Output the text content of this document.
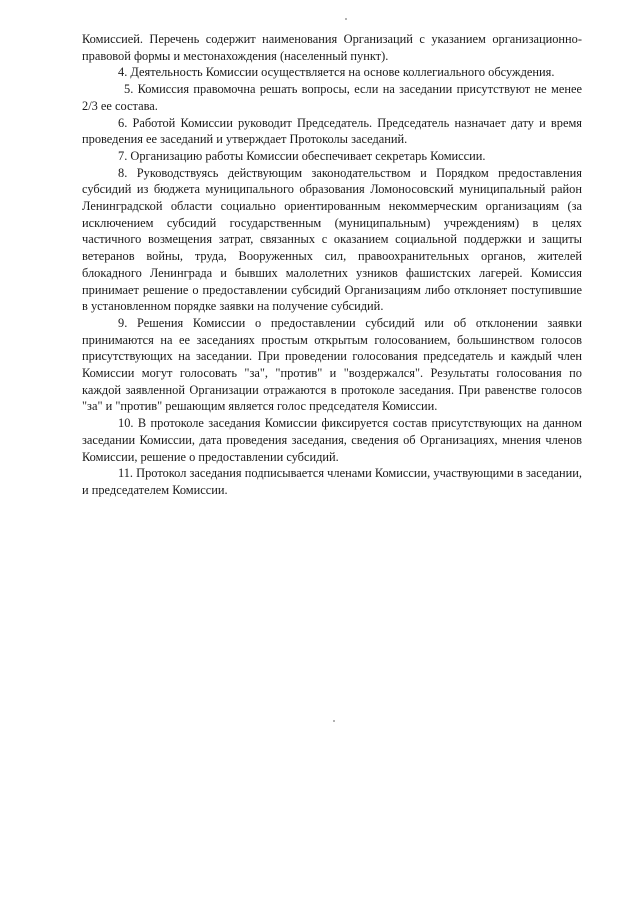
Комиссией. Перечень содержит наименования Организаций с указанием организационно-правовой формы и местонахождения (населенный пункт).

4. Деятельность Комиссии осуществляется на основе коллегиального обсуждения.

5. Комиссия правомочна решать вопросы, если на заседании присутствуют не менее 2/3 ее состава.

6. Работой Комиссии руководит Председатель. Председатель назначает дату и время проведения ее заседаний и утверждает Протоколы заседаний.

7. Организацию работы Комиссии обеспечивает секретарь Комиссии.

8. Руководствуясь действующим законодательством и Порядком предоставления субсидий из бюджета муниципального образования Ломоносовский муниципальный район Ленинградской области социально ориентированным некоммерческим организациям (за исключением субсидий государственным (муниципальным) учреждениям) в целях частичного возмещения затрат, связанных с оказанием социальной поддержки и защиты ветеранов войны, труда, Вооруженных сил, правоохранительных органов, жителей блокадного Ленинграда и бывших малолетних узников фашистских лагерей. Комиссия принимает решение о предоставлении субсидий Организациям либо отклоняет поступившие в установленном порядке заявки на получение субсидий.

9. Решения Комиссии о предоставлении субсидий или об отклонении заявки принимаются на ее заседаниях простым открытым голосованием, большинством голосов присутствующих на заседании. При проведении голосования председатель и каждый член Комиссии могут голосовать "за", "против" и "воздержался". Результаты голосования по каждой заявленной Организации отражаются в протоколе заседания. При равенстве голосов "за" и "против" решающим является голос председателя Комиссии.

10. В протоколе заседания Комиссии фиксируется состав присутствующих на данном заседании Комиссии, дата проведения заседания, сведения об Организациях, мнения членов Комиссии, решение о предоставлении субсидий.

11. Протокол заседания подписывается членами Комиссии, участвующими в заседании, и председателем Комиссии.
